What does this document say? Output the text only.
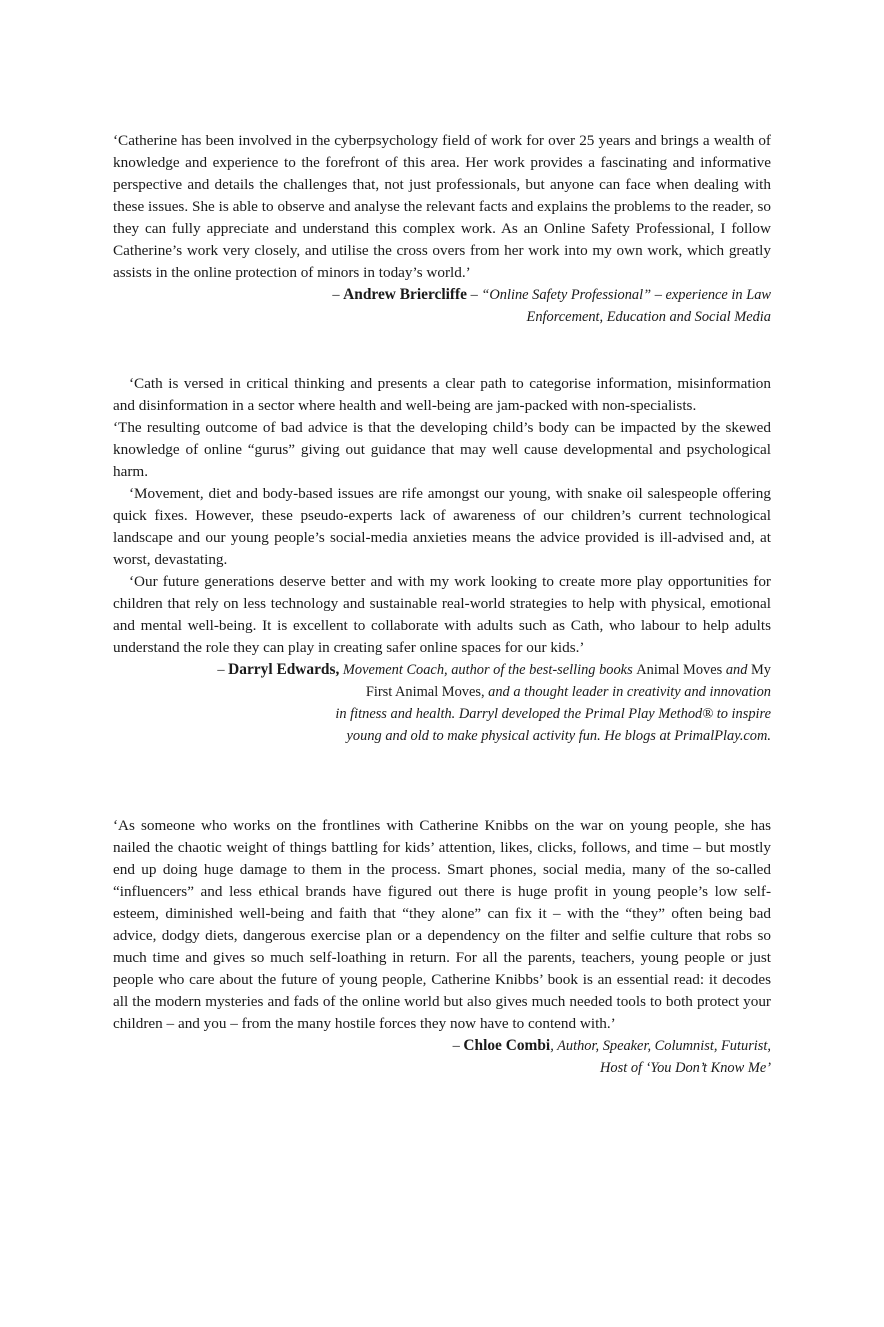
‘Catherine has been involved in the cyberpsychology field of work for over 25 years and brings a wealth of knowledge and experience to the forefront of this area. Her work provides a fascinating and informative perspective and details the challenges that, not just professionals, but anyone can face when dealing with these issues. She is able to observe and analyse the relevant facts and explains the problems to the reader, so they can fully appreciate and understand this complex work. As an Online Safety Professional, I follow Catherine’s work very closely, and utilise the cross overs from her work into my own work, which greatly assists in the online protection of minors in today’s world.’

– Andrew Briercliffe – “Online Safety Professional” – experience in Law
Enforcement, Education and Social Media

‘Cath is versed in critical thinking and presents a clear path to categorise information, misinformation and disinformation in a sector where health and well-being are jam-packed with non-specialists.

‘The resulting outcome of bad advice is that the developing child’s body can be impacted by the skewed knowledge of online “gurus” giving out guidance that may well cause developmental and psychological harm.

‘Movement, diet and body-based issues are rife amongst our young, with snake oil salespeople offering quick fixes. However, these pseudo-experts lack of awareness of our children’s current technological landscape and our young people’s social-media anxieties means the advice provided is ill-advised and, at worst, devastating.

‘Our future generations deserve better and with my work looking to create more play opportunities for children that rely on less technology and sustainable real-world strategies to help with physical, emotional and mental well-being. It is excellent to collaborate with adults such as Cath, who labour to help adults understand the role they can play in creating safer online spaces for our kids.’

– Darryl Edwards, Movement Coach, author of the best-selling books Animal Moves and My
First Animal Moves, and a thought leader in creativity and innovation
in fitness and health. Darryl developed the Primal Play Method® to inspire
young and old to make physical activity fun. He blogs at PrimalPlay.com.

‘As someone who works on the frontlines with Catherine Knibbs on the war on young people, she has nailed the chaotic weight of things battling for kids’ attention, likes, clicks, follows, and time – but mostly end up doing huge damage to them in the process. Smart phones, social media, many of the so-called “influencers” and less ethical brands have figured out there is huge profit in young people’s low self-esteem, diminished well-being and faith that “they alone” can fix it – with the “they” often being bad advice, dodgy diets, dangerous exercise plan or a dependency on the filter and selfie culture that robs so much time and gives so much self-loathing in return. For all the parents, teachers, young people or just people who care about the future of young people, Catherine Knibbs’ book is an essential read: it decodes all the modern mysteries and fads of the online world but also gives much needed tools to both protect your children – and you – from the many hostile forces they now have to contend with.’

– Chloe Combi, Author, Speaker, Columnist, Futurist,
Host of ‘You Don’t Know Me’
